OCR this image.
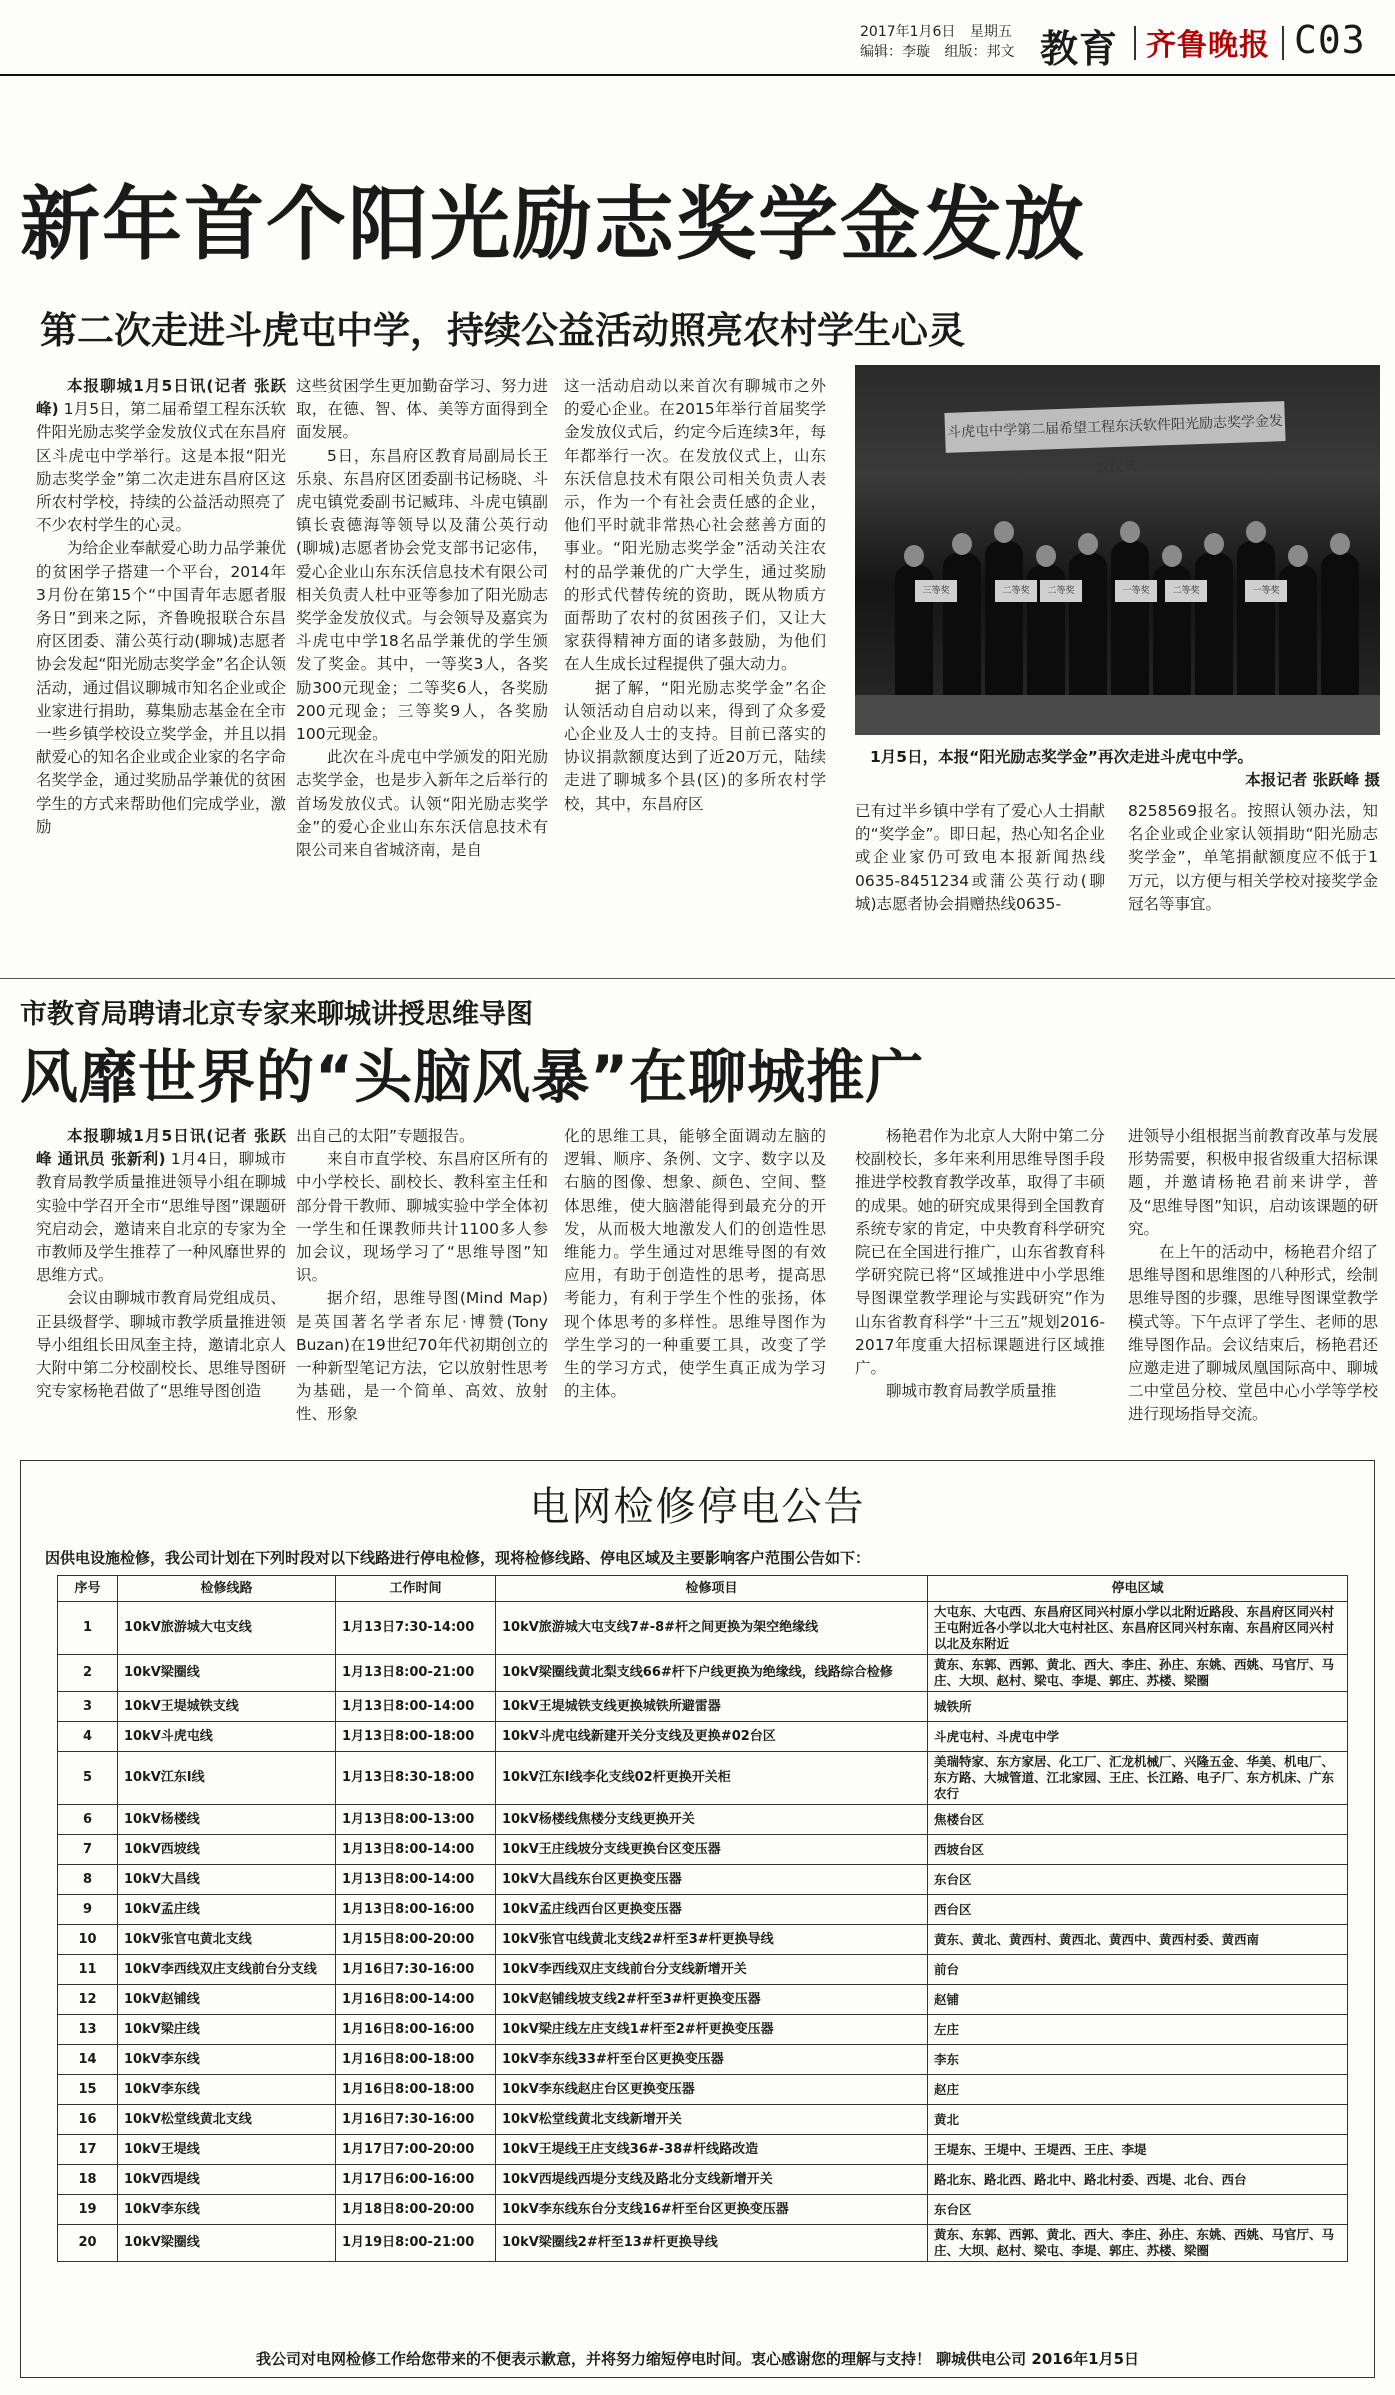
2017年1月6日 星期五
编辑：李璇 组版：邦文 教育 齐鲁晚报 C03
新年首个阳光励志奖学金发放
第二次走进斗虎屯中学，持续公益活动照亮农村学生心灵

本报聊城1月5日讯(记者 张跃峰) 1月5日，第二届希望工程东沃软件阳光励志奖学金发放仪式在东昌府区斗虎屯中学举行。这是本报“阳光励志奖学金”第二次走进东昌府区这所农村学校，持续的公益活动照亮了不少农村学生的心灵。

为给企业奉献爱心助力品学兼优的贫困学子搭建一个平台，2014年3月份在第15个“中国青年志愿者服务日”到来之际，齐鲁晚报联合东昌府区团委、蒲公英行动(聊城)志愿者协会发起“阳光励志奖学金”名企认领活动，通过倡议聊城市知名企业或企业家进行捐助，募集励志基金在全市一些乡镇学校设立奖学金，并且以捐献爱心的知名企业或企业家的名字命名奖学金，通过奖励品学兼优的贫困学生的方式来帮助他们完成学业，激励

这些贫困学生更加勤奋学习、努力进取，在德、智、体、美等方面得到全面发展。

5日，东昌府区教育局副局长王乐泉、东昌府区团委副书记杨晓、斗虎屯镇党委副书记臧玮、斗虎屯镇副镇长袁德海等领导以及蒲公英行动(聊城)志愿者协会党支部书记宓伟，爱心企业山东东沃信息技术有限公司相关负责人杜中亚等参加了阳光励志奖学金发放仪式。与会领导及嘉宾为斗虎屯中学18名品学兼优的学生颁发了奖金。其中，一等奖3人，各奖励300元现金；二等奖6人，各奖励200元现金；三等奖9人，各奖励100元现金。

此次在斗虎屯中学颁发的阳光励志奖学金，也是步入新年之后举行的首场发放仪式。认领“阳光励志奖学金”的爱心企业山东东沃信息技术有限公司来自省城济南，是自

这一活动启动以来首次有聊城市之外的爱心企业。在2015年举行首届奖学金发放仪式后，约定今后连续3年，每年都举行一次。在发放仪式上，山东东沃信息技术有限公司相关负责人表示，作为一个有社会责任感的企业，他们平时就非常热心社会慈善方面的事业。“阳光励志奖学金”活动关注农村的品学兼优的广大学生，通过奖励的形式代替传统的资助，既从物质方面帮助了农村的贫困孩子们，又让大家获得精神方面的诸多鼓励，为他们在人生成长过程提供了强大动力。

据了解，“阳光励志奖学金”名企认领活动自启动以来，得到了众多爱心企业及人士的支持。目前已落实的协议捐款额度达到了近20万元，陆续走进了聊城多个县(区)的多所农村学校，其中，东昌府区	已有过半乡镇中学有了爱心人士捐献的“奖学金”。即日起，热心知名企业或企业家仍可致电本报新闻热线0635-8451234或蒲公英行动(聊城)志愿者协会捐赠热线0635-

8258569报名。按照认领办法，知名企业或企业家认领捐助“阳光励志奖学金”，单笔捐献额度应不低于1万元，以方便与相关学校对接奖学金冠名等事宜。

斗虎屯中学第二届希望工程东沃软件阳光励志奖学金发放仪式
三等奖	二等奖	二等奖	一等奖	二等奖	一等奖
1月5日，本报“阳光励志奖学金”再次走进斗虎屯中学。
本报记者 张跃峰 摄
市教育局聘请北京专家来聊城讲授思维导图
风靡世界的“头脑风暴”在聊城推广

本报聊城1月5日讯(记者 张跃峰 通讯员 张新利) 1月4日，聊城市教育局教学质量推进领导小组在聊城实验中学召开全市“思维导图”课题研究启动会，邀请来自北京的专家为全市教师及学生推荐了一种风靡世界的思维方式。

会议由聊城市教育局党组成员、正县级督学、聊城市教学质量推进领导小组组长田凤奎主持，邀请北京人大附中第二分校副校长、思维导图研究专家杨艳君做了“思维导图创造

出自己的太阳”专题报告。

来自市直学校、东昌府区所有的中小学校长、副校长、教科室主任和部分骨干教师、聊城实验中学全体初一学生和任课教师共计1100多人参加会议，现场学习了“思维导图”知识。

据介绍，思维导图(Mind Map)是英国著名学者东尼·博赞(Tony Buzan)在19世纪70年代初期创立的一种新型笔记方法，它以放射性思考为基础，是一个简单、高效、放射性、形象

化的思维工具，能够全面调动左脑的逻辑、顺序、条例、文字、数字以及右脑的图像、想象、颜色、空间、整体思维，使大脑潜能得到最充分的开发，从而极大地激发人们的创造性思维能力。学生通过对思维导图的有效应用，有助于创造性的思考，提高思考能力，有利于学生个性的张扬，体现个体思考的多样性。思维导图作为学生学习的一种重要工具，改变了学生的学习方式，使学生真正成为学习的主体。

杨艳君作为北京人大附中第二分校副校长，多年来利用思维导图手段推进学校教育教学改革，取得了丰硕的成果。她的研究成果得到全国教育系统专家的肯定，中央教育科学研究院已在全国进行推广，山东省教育科学研究院已将“区域推进中小学思维导图课堂教学理论与实践研究”作为山东省教育科学“十三五”规划2016-2017年度重大招标课题进行区域推广。

聊城市教育局教学质量推

进领导小组根据当前教育改革与发展形势需要，积极申报省级重大招标课题，并邀请杨艳君前来讲学，普及“思维导图”知识，启动该课题的研究。

在上午的活动中，杨艳君介绍了思维导图和思维图的八种形式，绘制思维导图的步骤，思维导图课堂教学模式等。下午点评了学生、老师的思维导图作品。会议结束后，杨艳君还应邀走进了聊城凤凰国际高中、聊城二中堂邑分校、堂邑中心小学等学校进行现场指导交流。

电网检修停电公告
因供电设施检修，我公司计划在下列时段对以下线路进行停电检修，现将检修线路、停电区域及主要影响客户范围公告如下：
序号	检修线路	工作时间	检修项目	停电区域
1	10kV旅游城大屯支线	1月13日7:30-14:00	10kV旅游城大屯支线7#-8#杆之间更换为架空绝缘线	大屯东、大屯西、东昌府区同兴村原小学以北附近路段、东昌府区同兴村王屯附近各小学以北大屯村社区、东昌府区同兴村东南、东昌府区同兴村以北及东附近
2	10kV梁圈线	1月13日8:00-21:00	10kV梁圈线黄北梨支线66#杆下户线更换为绝缘线，线路综合检修	黄东、东郭、西郭、黄北、西大、李庄、孙庄、东姚、西姚、马官厅、马庄、大坝、赵村、梁屯、李堤、郭庄、苏楼、梁圈
3	10kV王堤城铁支线	1月13日8:00-14:00	10kV王堤城铁支线更换城铁所避雷器	城铁所
4	10kV斗虎屯线	1月13日8:00-18:00	10kV斗虎屯线新建开关分支线及更换#02台区	斗虎屯村、斗虎屯中学
5	10kV江东I线	1月13日8:30-18:00	10kV江东I线李化支线02杆更换开关柜	美瑞特家、东方家居、化工厂、汇龙机械厂、兴隆五金、华美、机电厂、东方路、大城管道、江北家园、王庄、长江路、电子厂、东方机床、广东农行
6	10kV杨楼线	1月13日8:00-13:00	10kV杨楼线焦楼分支线更换开关	焦楼台区
7	10kV西坡线	1月13日8:00-14:00	10kV王庄线坡分支线更换台区变压器	西坡台区
8	10kV大昌线	1月13日8:00-14:00	10kV大昌线东台区更换变压器	东台区
9	10kV孟庄线	1月13日8:00-16:00	10kV孟庄线西台区更换变压器	西台区
10	10kV张官屯黄北支线	1月15日8:00-20:00	10kV张官屯线黄北支线2#杆至3#杆更换导线	黄东、黄北、黄西村、黄西北、黄西中、黄西村委、黄西南
11	10kV李西线双庄支线前台分支线	1月16日7:30-16:00	10kV李西线双庄支线前台分支线新增开关	前台
12	10kV赵铺线	1月16日8:00-14:00	10kV赵铺线坡支线2#杆至3#杆更换变压器	赵铺
13	10kV梁庄线	1月16日8:00-16:00	10kV梁庄线左庄支线1#杆至2#杆更换变压器	左庄
14	10kV李东线	1月16日8:00-18:00	10kV李东线33#杆至台区更换变压器	李东
15	10kV李东线	1月16日8:00-18:00	10kV李东线赵庄台区更换变压器	赵庄
16	10kV松堂线黄北支线	1月16日7:30-16:00	10kV松堂线黄北支线新增开关	黄北
17	10kV王堤线	1月17日7:00-20:00	10kV王堤线王庄支线36#-38#杆线路改造	王堤东、王堤中、王堤西、王庄、李堤
18	10kV西堤线	1月17日6:00-16:00	10kV西堤线西堤分支线及路北分支线新增开关	路北东、路北西、路北中、路北村委、西堤、北台、西台
19	10kV李东线	1月18日8:00-20:00	10kV李东线东台分支线16#杆至台区更换变压器	东台区
20	10kV梁圈线	1月19日8:00-21:00	10kV梁圈线2#杆至13#杆更换导线	黄东、东郭、西郭、黄北、西大、李庄、孙庄、东姚、西姚、马官厅、马庄、大坝、赵村、梁屯、李堤、郭庄、苏楼、梁圈
我公司对电网检修工作给您带来的不便表示歉意，并将努力缩短停电时间。衷心感谢您的理解与支持！ 聊城供电公司 2016年1月5日
